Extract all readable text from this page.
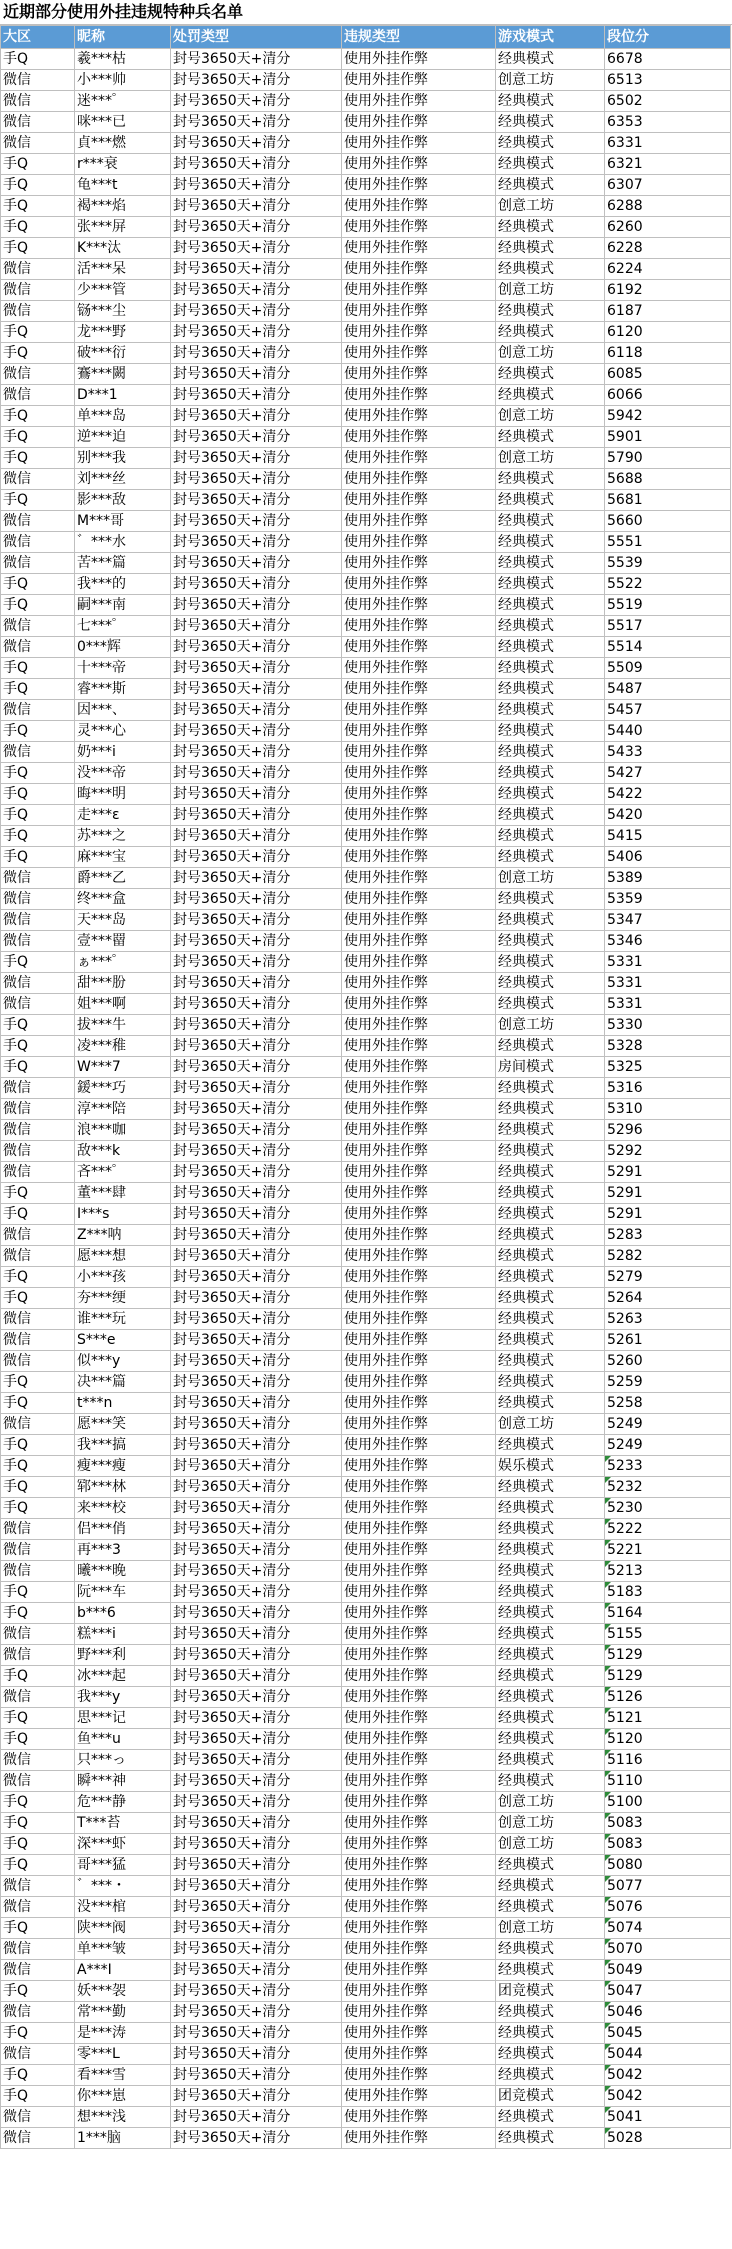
近期部分使用外挂违规特种兵名单
大区	昵称	处罚类型	违规类型	游戏模式	段位分
手Q	羲***枯	封号3650天+清分	使用外挂作弊	经典模式	6678
微信	小***帅	封号3650天+清分	使用外挂作弊	创意工坊	6513
微信	迷***゜	封号3650天+清分	使用外挂作弊	经典模式	6502
微信	咪***已	封号3650天+清分	使用外挂作弊	经典模式	6353
微信	貞***燃	封号3650天+清分	使用外挂作弊	经典模式	6331
手Q	r***衰	封号3650天+清分	使用外挂作弊	经典模式	6321
手Q	龟***t	封号3650天+清分	使用外挂作弊	经典模式	6307
手Q	褐***焰	封号3650天+清分	使用外挂作弊	创意工坊	6288
手Q	张***屏	封号3650天+清分	使用外挂作弊	经典模式	6260
手Q	K***汰	封号3650天+清分	使用外挂作弊	经典模式	6228
微信	活***呆	封号3650天+清分	使用外挂作弊	经典模式	6224
微信	少***管	封号3650天+清分	使用外挂作弊	创意工坊	6192
微信	铴***尘	封号3650天+清分	使用外挂作弊	经典模式	6187
手Q	龙***野	封号3650天+清分	使用外挂作弊	经典模式	6120
手Q	破***衍	封号3650天+清分	使用外挂作弊	创意工坊	6118
微信	鶱***闕	封号3650天+清分	使用外挂作弊	经典模式	6085
微信	D***1	封号3650天+清分	使用外挂作弊	经典模式	6066
手Q	单***岛	封号3650天+清分	使用外挂作弊	创意工坊	5942
手Q	逆***迫	封号3650天+清分	使用外挂作弊	经典模式	5901
手Q	别***我	封号3650天+清分	使用外挂作弊	创意工坊	5790
微信	刘***丝	封号3650天+清分	使用外挂作弊	经典模式	5688
手Q	影***敌	封号3650天+清分	使用外挂作弊	经典模式	5681
微信	M***哥	封号3650天+清分	使用外挂作弊	经典模式	5660
微信	゛***水	封号3650天+清分	使用外挂作弊	经典模式	5551
微信	苦***篇	封号3650天+清分	使用外挂作弊	经典模式	5539
手Q	我***的	封号3650天+清分	使用外挂作弊	经典模式	5522
手Q	嗣***南	封号3650天+清分	使用外挂作弊	经典模式	5519
微信	七***゜	封号3650天+清分	使用外挂作弊	经典模式	5517
微信	0***辉	封号3650天+清分	使用外挂作弊	经典模式	5514
手Q	十***帝	封号3650天+清分	使用外挂作弊	经典模式	5509
手Q	睿***斯	封号3650天+清分	使用外挂作弊	经典模式	5487
微信	因***、	封号3650天+清分	使用外挂作弊	经典模式	5457
手Q	灵***心	封号3650天+清分	使用外挂作弊	经典模式	5440
微信	奶***i	封号3650天+清分	使用外挂作弊	经典模式	5433
手Q	没***帝	封号3650天+清分	使用外挂作弊	经典模式	5427
手Q	晦***明	封号3650天+清分	使用外挂作弊	经典模式	5422
手Q	走***ε	封号3650天+清分	使用外挂作弊	经典模式	5420
手Q	苏***之	封号3650天+清分	使用外挂作弊	经典模式	5415
手Q	麻***宝	封号3650天+清分	使用外挂作弊	经典模式	5406
微信	爵***乙	封号3650天+清分	使用外挂作弊	创意工坊	5389
微信	终***盒	封号3650天+清分	使用外挂作弊	经典模式	5359
微信	天***岛	封号3650天+清分	使用外挂作弊	经典模式	5347
微信	壹***罶	封号3650天+清分	使用外挂作弊	经典模式	5346
手Q	ぁ***゜	封号3650天+清分	使用外挂作弊	经典模式	5331
微信	甜***朌	封号3650天+清分	使用外挂作弊	经典模式	5331
微信	姐***啊	封号3650天+清分	使用外挂作弊	经典模式	5331
手Q	拔***牛	封号3650天+清分	使用外挂作弊	创意工坊	5330
手Q	凌***稚	封号3650天+清分	使用外挂作弊	经典模式	5328
手Q	W***7	封号3650天+清分	使用外挂作弊	房间模式	5325
微信	鍰***巧	封号3650天+清分	使用外挂作弊	经典模式	5316
微信	淳***陪	封号3650天+清分	使用外挂作弊	经典模式	5310
微信	浪***咖	封号3650天+清分	使用外挂作弊	经典模式	5296
微信	敌***k	封号3650天+清分	使用外挂作弊	经典模式	5292
微信	吝***゜	封号3650天+清分	使用外挂作弊	经典模式	5291
手Q	董***肆	封号3650天+清分	使用外挂作弊	经典模式	5291
手Q	I***s	封号3650天+清分	使用外挂作弊	经典模式	5291
微信	Z***呐	封号3650天+清分	使用外挂作弊	经典模式	5283
微信	愿***想	封号3650天+清分	使用外挂作弊	经典模式	5282
手Q	小***孩	封号3650天+清分	使用外挂作弊	经典模式	5279
手Q	夯***绠	封号3650天+清分	使用外挂作弊	经典模式	5264
微信	谁***玩	封号3650天+清分	使用外挂作弊	经典模式	5263
微信	S***e	封号3650天+清分	使用外挂作弊	经典模式	5261
微信	似***y	封号3650天+清分	使用外挂作弊	经典模式	5260
手Q	决***篇	封号3650天+清分	使用外挂作弊	经典模式	5259
手Q	t***n	封号3650天+清分	使用外挂作弊	经典模式	5258
微信	愿***笑	封号3650天+清分	使用外挂作弊	创意工坊	5249
手Q	我***搞	封号3650天+清分	使用外挂作弊	经典模式	5249
手Q	瘦***瘦	封号3650天+清分	使用外挂作弊	娱乐模式	5233
手Q	郓***林	封号3650天+清分	使用外挂作弊	经典模式	5232
手Q	来***校	封号3650天+清分	使用外挂作弊	经典模式	5230
微信	侣***俏	封号3650天+清分	使用外挂作弊	经典模式	5222
微信	再***3	封号3650天+清分	使用外挂作弊	经典模式	5221
微信	曦***晚	封号3650天+清分	使用外挂作弊	经典模式	5213
手Q	阮***车	封号3650天+清分	使用外挂作弊	经典模式	5183
手Q	b***6	封号3650天+清分	使用外挂作弊	经典模式	5164
微信	糕***i	封号3650天+清分	使用外挂作弊	经典模式	5155
微信	野***利	封号3650天+清分	使用外挂作弊	经典模式	5129
手Q	冰***起	封号3650天+清分	使用外挂作弊	经典模式	5129
微信	我***y	封号3650天+清分	使用外挂作弊	经典模式	5126
手Q	思***记	封号3650天+清分	使用外挂作弊	经典模式	5121
手Q	鱼***u	封号3650天+清分	使用外挂作弊	经典模式	5120
微信	只***っ	封号3650天+清分	使用外挂作弊	经典模式	5116
微信	瞬***神	封号3650天+清分	使用外挂作弊	经典模式	5110
手Q	危***静	封号3650天+清分	使用外挂作弊	创意工坊	5100
手Q	T***苔	封号3650天+清分	使用外挂作弊	创意工坊	5083
手Q	深***虾	封号3650天+清分	使用外挂作弊	创意工坊	5083
手Q	哥***猛	封号3650天+清分	使用外挂作弊	经典模式	5080
微信	゛***・	封号3650天+清分	使用外挂作弊	经典模式	5077
微信	没***棺	封号3650天+清分	使用外挂作弊	经典模式	5076
手Q	陕***阀	封号3650天+清分	使用外挂作弊	创意工坊	5074
微信	单***皱	封号3650天+清分	使用外挂作弊	经典模式	5070
微信	A***I	封号3650天+清分	使用外挂作弊	经典模式	5049
手Q	妖***袈	封号3650天+清分	使用外挂作弊	团竞模式	5047
微信	常***勤	封号3650天+清分	使用外挂作弊	经典模式	5046
手Q	是***涛	封号3650天+清分	使用外挂作弊	经典模式	5045
微信	零***L	封号3650天+清分	使用外挂作弊	经典模式	5044
手Q	看***雪	封号3650天+清分	使用外挂作弊	经典模式	5042
手Q	你***崽	封号3650天+清分	使用外挂作弊	团竞模式	5042
微信	想***浅	封号3650天+清分	使用外挂作弊	经典模式	5041
微信	1***脑	封号3650天+清分	使用外挂作弊	经典模式	5028
